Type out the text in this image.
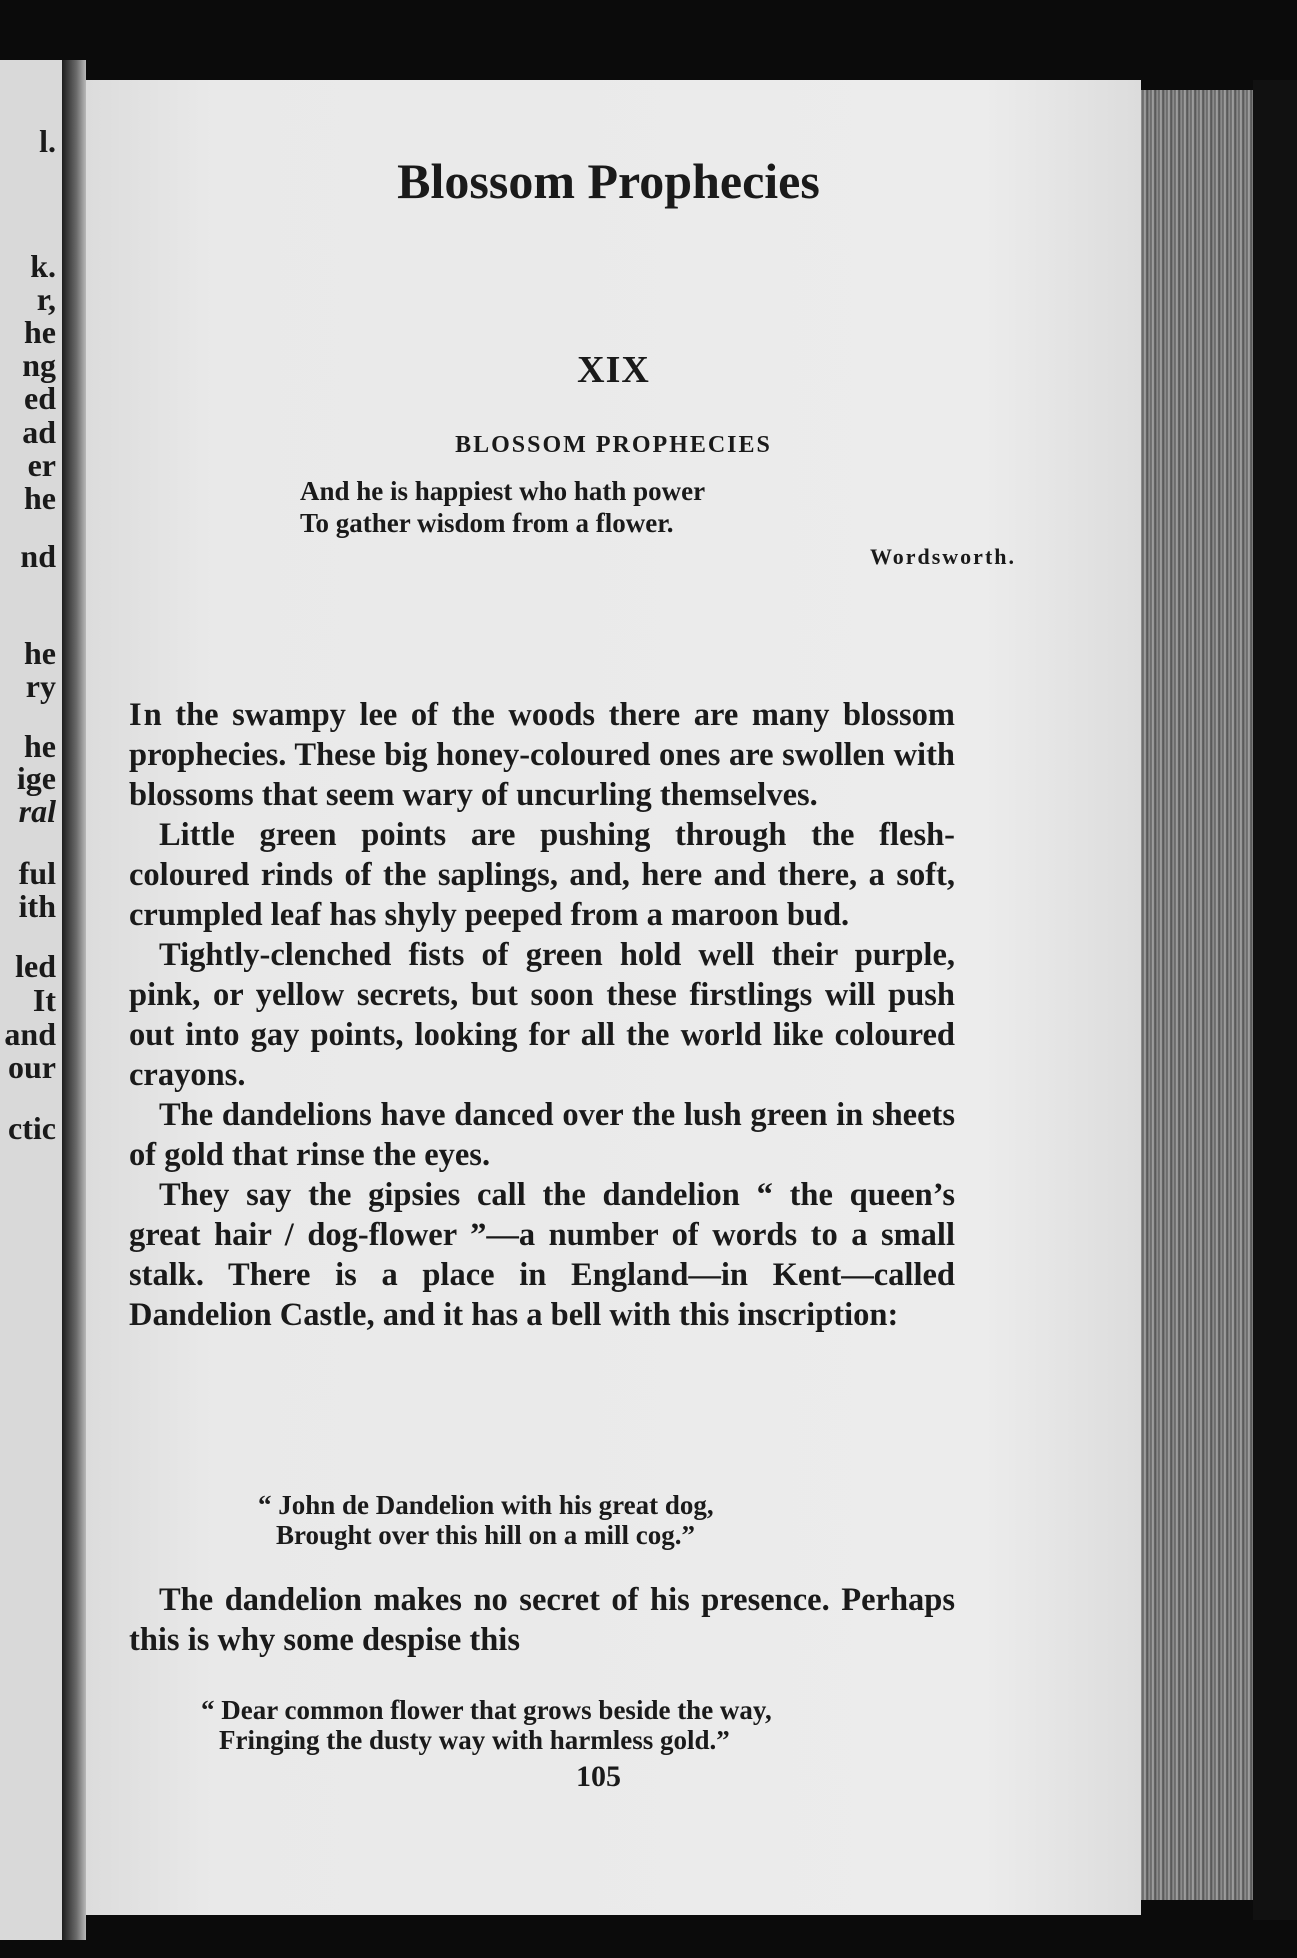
l.
k.
r,
he
ng
ed
ad
er
he
nd
he
ry
he
ige
ral
ful
ith
led
It
and
our
ctic
Blossom Prophecies
XIX
BLOSSOM PROPHECIES
And he is happiest who hath power
To gather wisdom from a flower.
Wordsworth.

In the swampy lee of the woods there are many blossom prophecies. These big honey-coloured ones are swollen with blossoms that seem wary of uncurling themselves.

Little green points are pushing through the flesh-coloured rinds of the saplings, and, here and there, a soft, crumpled leaf has shyly peeped from a maroon bud.

Tightly-clenched fists of green hold well their purple, pink, or yellow secrets, but soon these firstlings will push out into gay points, looking for all the world like coloured crayons.

The dandelions have danced over the lush green in sheets of gold that rinse the eyes.

They say the gipsies call the dandelion “ the queen’s great hair / dog-flower ”—a number of words to a small stalk. There is a place in England—in Kent—called Dandelion Castle, and it has a bell with this inscription:

“ John de Dandelion with his great dog,
Brought over this hill on a mill cog.”

The dandelion makes no secret of his presence. Perhaps this is why some despise this

“ Dear common flower that grows beside the way,
Fringing the dusty way with harmless gold.”
105
